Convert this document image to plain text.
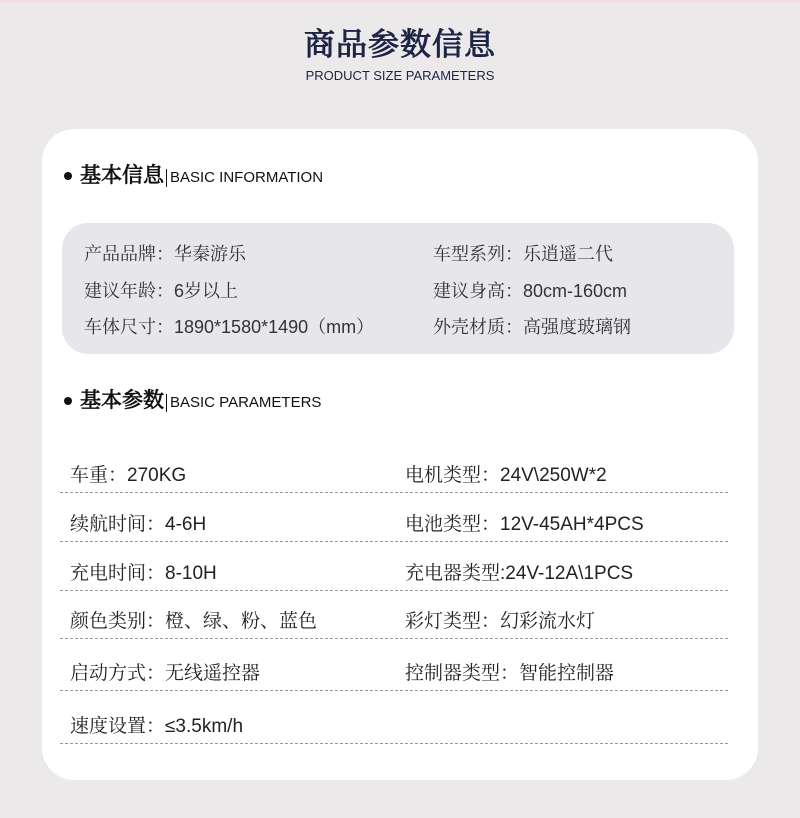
商品参数信息
PRODUCT SIZE PARAMETERS
基本信息 BASIC INFORMATION
产品品牌：华秦游乐	车型系列：乐逍遥二代
建议年龄：6岁以上	建议身高：80cm-160cm
车体尺寸：1890*1580*1490（mm）	外壳材质：高强度玻璃钢
基本参数 BASIC PARAMETERS
车重：270KG	电机类型：24V\250W*2
续航时间：4-6H	电池类型：12V-45AH*4PCS
充电时间：8-10H	充电器类型:24V-12A\1PCS
颜色类别：橙、绿、粉、蓝色	彩灯类型：幻彩流水灯
启动方式：无线遥控器	控制器类型：智能控制器
速度设置：≤3.5km/h
